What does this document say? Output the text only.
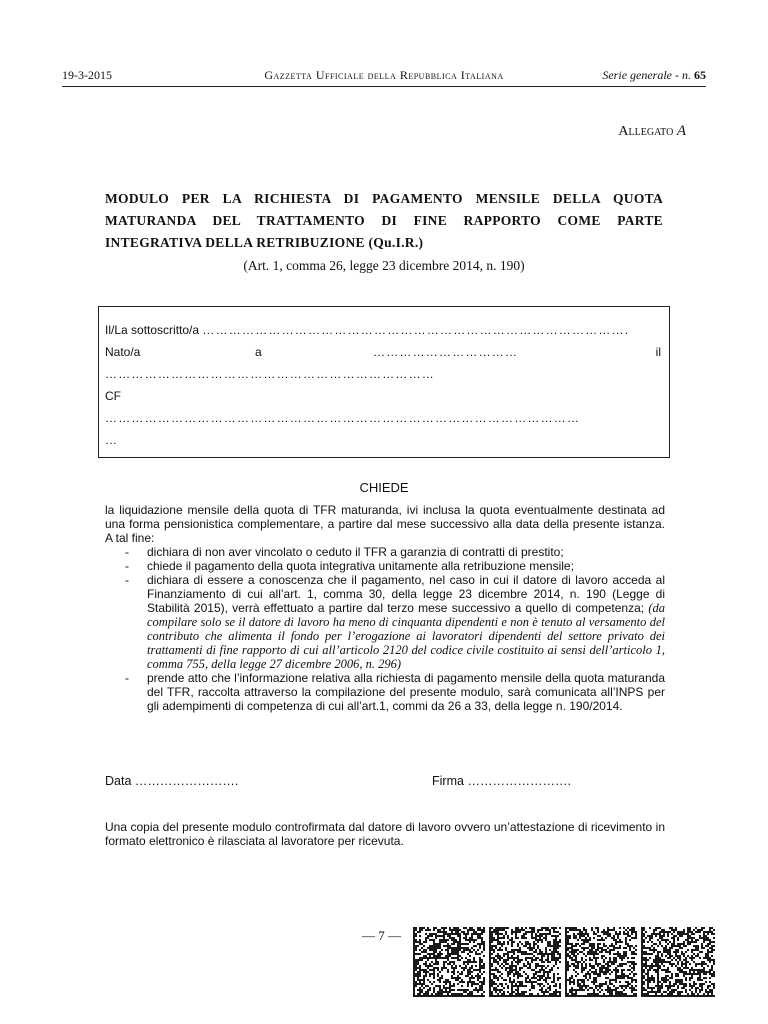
19-3-2015	Gazzetta Ufficiale della Repubblica Italiana	Serie generale - n. 65
Allegato A
MODULO PER LA RICHIESTA DI PAGAMENTO MENSILE DELLA QUOTA MATURANDA DEL TRATTAMENTO DI FINE RAPPORTO COME PARTE INTEGRATIVA DELLA RETRIBUZIONE (Qu.I.R.)
(Art. 1, comma 26, legge 23 dicembre 2014, n. 190)
Il/La sottoscritto/a …………………………………………………………………………………….
Nato/a	a	……………………………	il
…………………………………………………………………
CF
………………………………………………………………………………………………
…
CHIEDE

la liquidazione mensile della quota di TFR maturanda, ivi inclusa la quota eventualmente destinata ad una forma pensionistica complementare, a partire dal mese successivo alla data della presente istanza. A tal fine:

- dichiara di non aver vincolato o ceduto il TFR a garanzia di contratti di prestito;
- chiede il pagamento della quota integrativa unitamente alla retribuzione mensile;
- dichiara di essere a conoscenza che il pagamento, nel caso in cui il datore di lavoro acceda al Finanziamento di cui all’art. 1, comma 30, della legge 23 dicembre 2014, n. 190 (Legge di Stabilità 2015), verrà effettuato a partire dal terzo mese successivo a quello di competenza; (da compilare solo se il datore di lavoro ha meno di cinquanta dipendenti e non è tenuto al versamento del contributo che alimenta il fondo per l’erogazione ai lavoratori dipendenti del settore privato dei trattamenti di fine rapporto di cui all’articolo 2120 del codice civile costituito ai sensi dell’articolo 1, comma 755, della legge 27 dicembre 2006, n. 296)
- prende atto che l’informazione relativa alla richiesta di pagamento mensile della quota maturanda del TFR, raccolta attraverso la compilazione del presente modulo, sarà comunicata all’INPS per gli adempimenti di competenza di cui all’art.1, commi da 26 a 33, della legge n. 190/2014.
Data …………………….	Firma …………………….
Una copia del presente modulo controfirmata dal datore di lavoro ovvero un’attestazione di ricevimento in formato elettronico è rilasciata al lavoratore per ricevuta.
— 7 —
